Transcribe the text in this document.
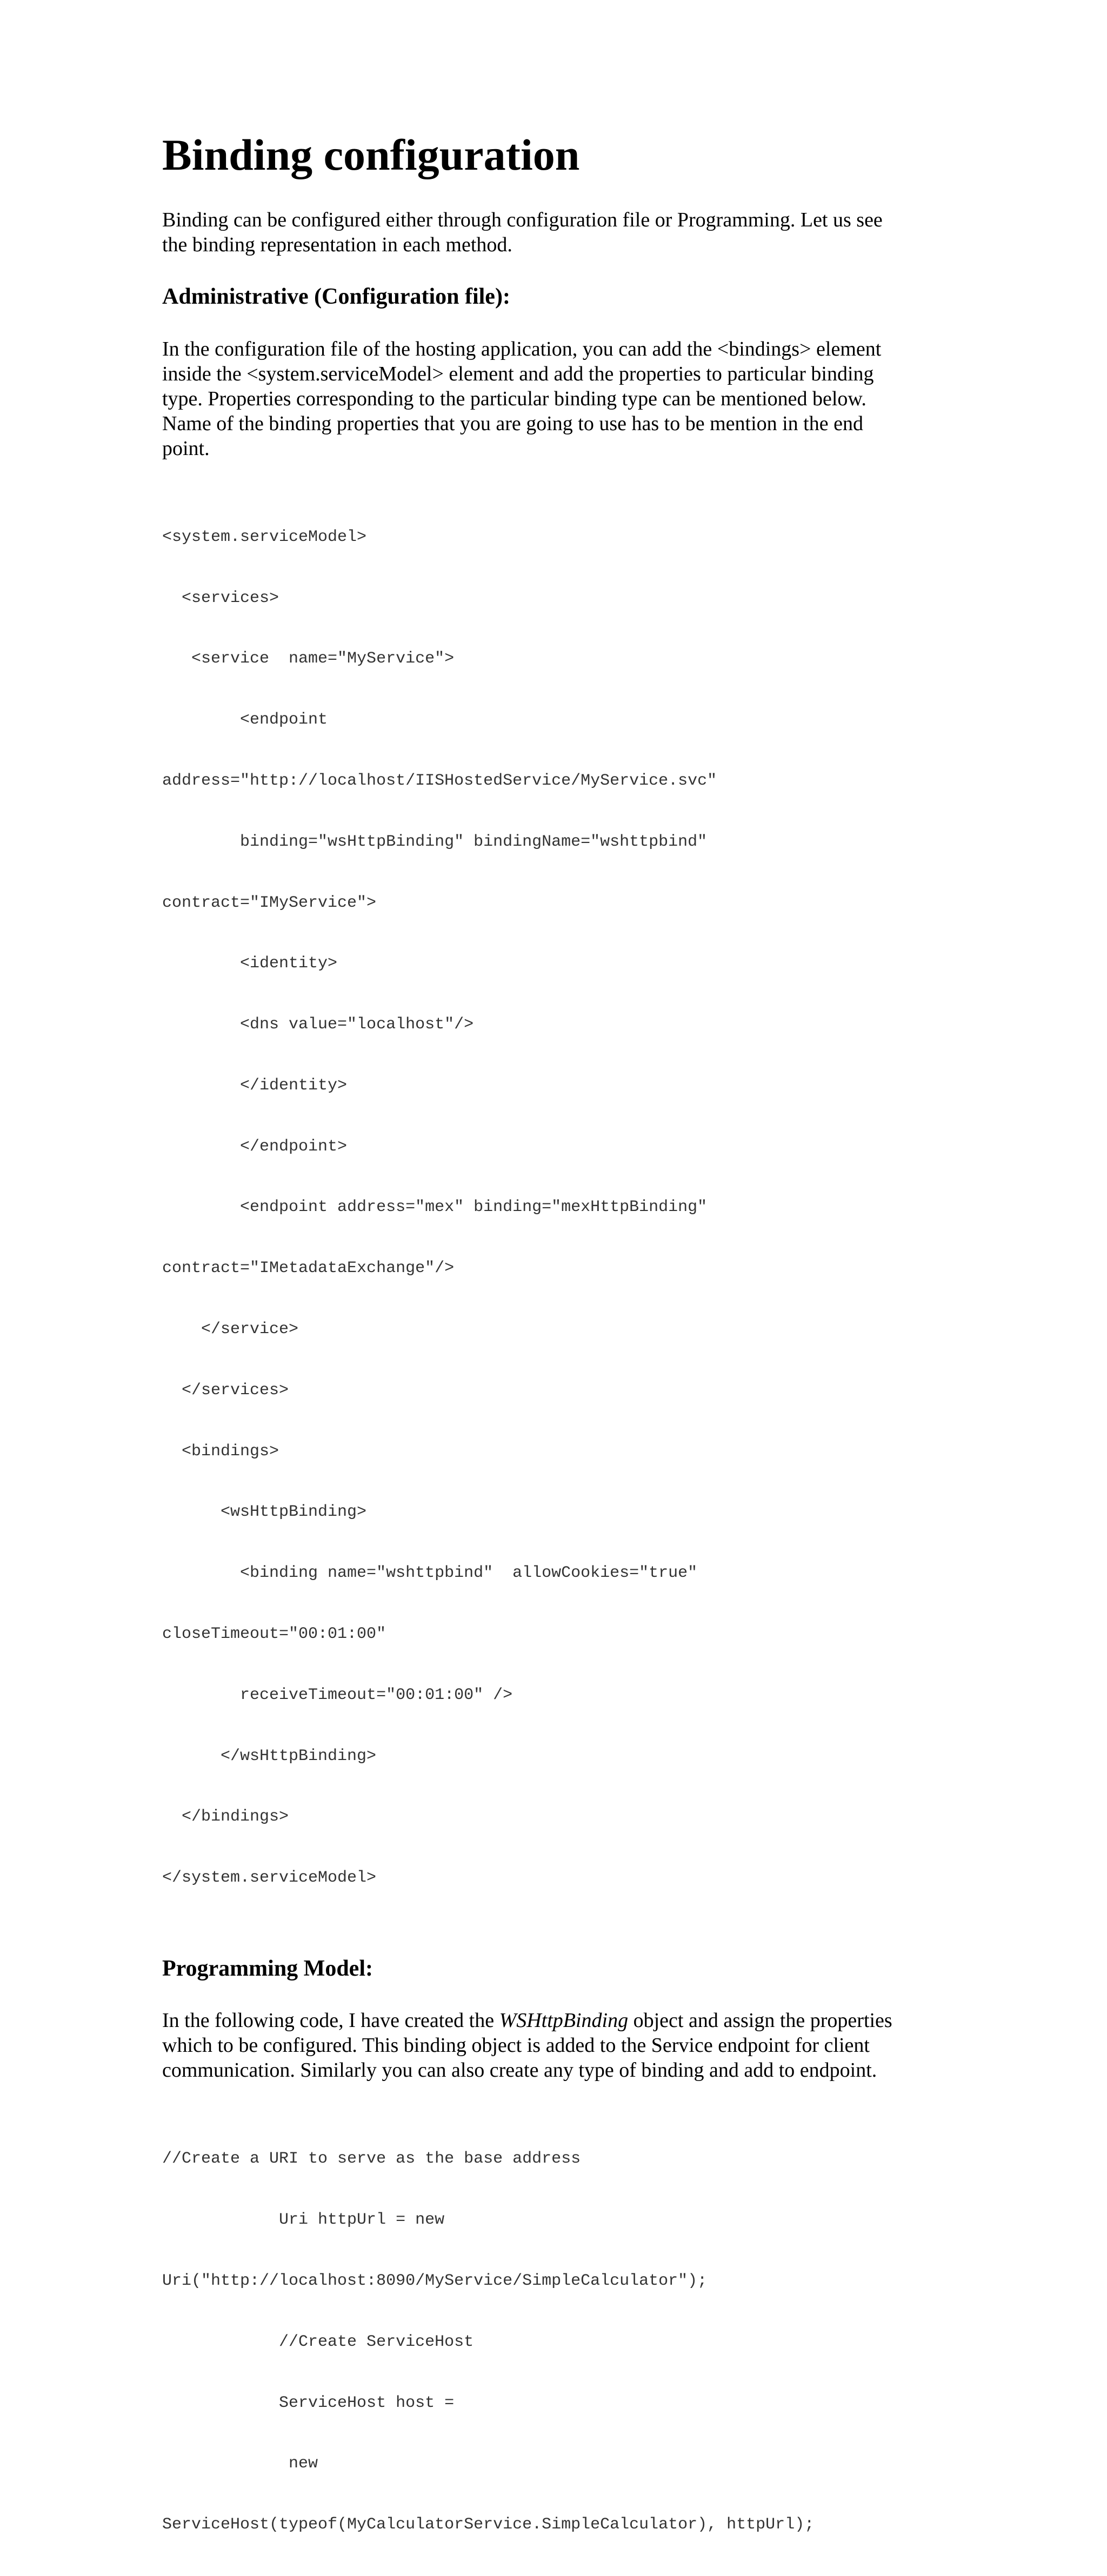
Binding configuration

Binding can be configured either through configuration file or Programming. Let us see
the binding representation in each method.

Administrative (Configuration file):

In the configuration file of the hosting application, you can add the <bindings> element
inside the <system.serviceModel> element and add the properties to particular binding
type. Properties corresponding to the particular binding type can be mentioned below.
Name of the binding properties that you are going to use has to be mention in the end
point.

<system.serviceModel>

<services>

<service  name="MyService">

<endpoint

address="http://localhost/IISHostedService/MyService.svc"

binding="wsHttpBinding" bindingName="wshttpbind"

contract="IMyService">

<identity>

<dns value="localhost"/>

</identity>

</endpoint>

<endpoint address="mex" binding="mexHttpBinding"

contract="IMetadataExchange"/>

</service>

</services>

<bindings>

<wsHttpBinding>

<binding name="wshttpbind"  allowCookies="true"

closeTimeout="00:01:00"

receiveTimeout="00:01:00" />

</wsHttpBinding>

</bindings>

</system.serviceModel>

Programming Model:

In the following code, I have created the WSHttpBinding object and assign the properties
which to be configured. This binding object is added to the Service endpoint for client
communication. Similarly you can also create any type of binding and add to endpoint.

//Create a URI to serve as the base address

Uri httpUrl = new

Uri("http://localhost:8090/MyService/SimpleCalculator");

//Create ServiceHost

ServiceHost host =

new

ServiceHost(typeof(MyCalculatorService.SimpleCalculator), httpUrl);
